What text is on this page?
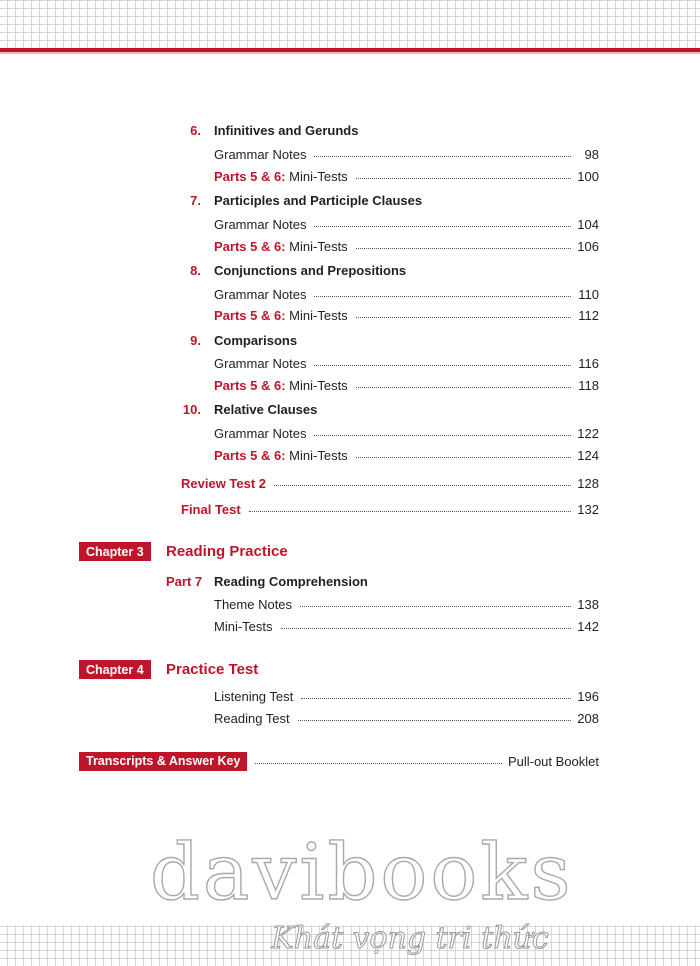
6. Infinitives and Gerunds
Grammar Notes	98
Parts 5 & 6: Mini-Tests	100
7. Participles and Participle Clauses
Grammar Notes	104
Parts 5 & 6: Mini-Tests	106
8. Conjunctions and Prepositions
Grammar Notes	110
Parts 5 & 6: Mini-Tests	112
9. Comparisons
Grammar Notes	116
Parts 5 & 6: Mini-Tests	118
10. Relative Clauses
Grammar Notes	122
Parts 5 & 6: Mini-Tests	124
Review Test 2	128
Final Test	132
Chapter 3 Reading Practice
Part 7 Reading Comprehension
Theme Notes	138
Mini-Tests	142
Chapter 4 Practice Test
Listening Test	196
Reading Test	208
Transcripts & Answer Key	Pull-out Booklet
davibooks
Khát vọng tri thức
